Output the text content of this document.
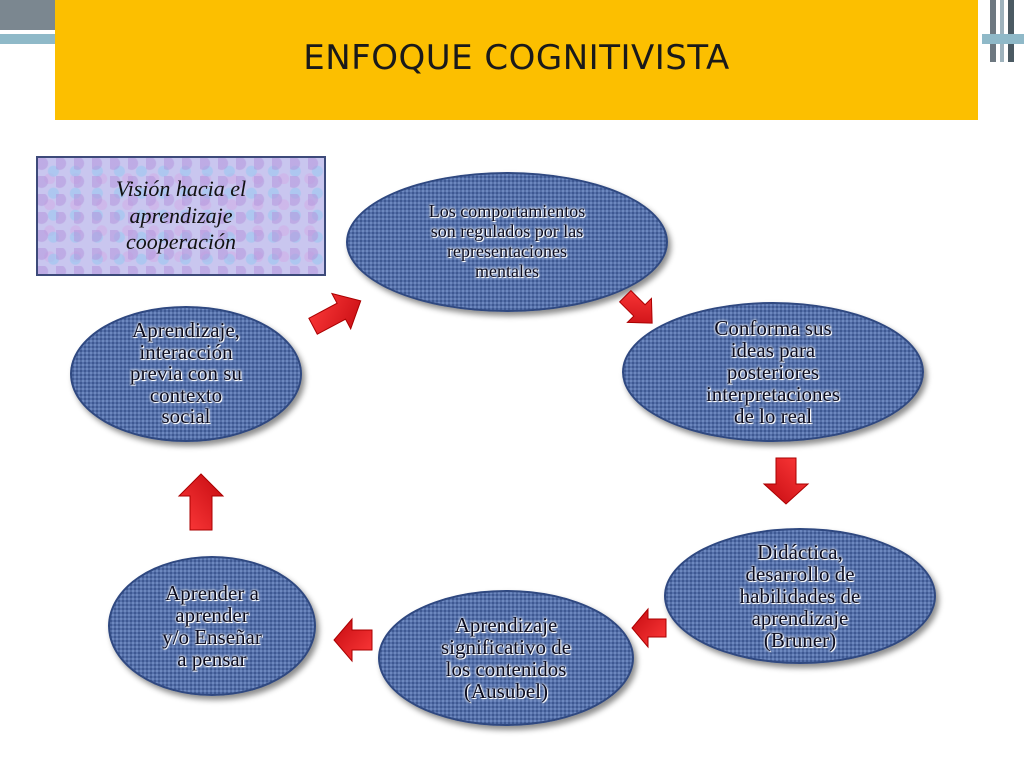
ENFOQUE COGNITIVISTA
Visión hacia el
aprendizaje
cooperación
Los comportamientos
son regulados por las
representaciones
mentales
Conforma sus
ideas para
posteriores
interpretaciones
de lo real
Didáctica,
desarrollo de
habilidades de
aprendizaje
(Bruner)
Aprendizaje
significativo de
los contenidos
(Ausubel)
Aprender a
aprender
y/o Enseñar
a pensar
Aprendizaje,
interacción
previa con su
contexto
social
